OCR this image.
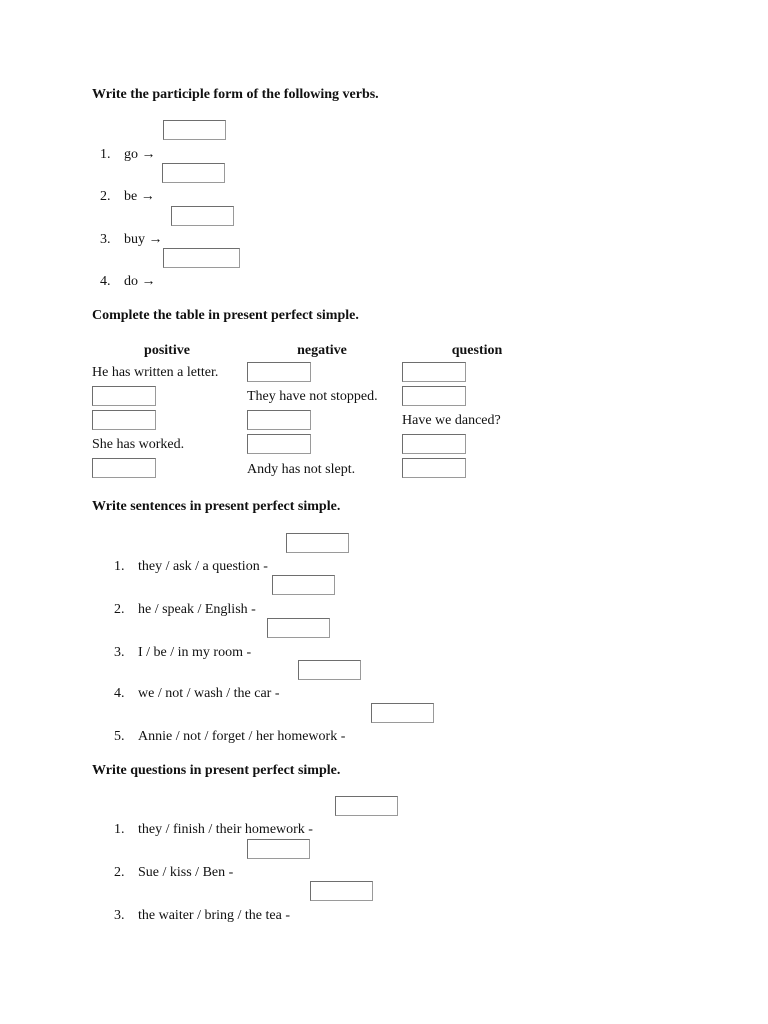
Write the participle form of the following verbs.
1. go →
2. be →
3. buy →
4. do →
Complete the table in present perfect simple.
positive	negative	question
He has written a letter.
They have not stopped.
Have we danced?
She has worked.
Andy has not slept.
Write sentences in present perfect simple.
1. they / ask / a question -
2. he / speak / English -
3. I / be / in my room -
4. we / not / wash / the car -
5. Annie / not / forget / her homework -
Write questions in present perfect simple.
1. they / finish / their homework -
2. Sue / kiss / Ben -
3. the waiter / bring / the tea -
